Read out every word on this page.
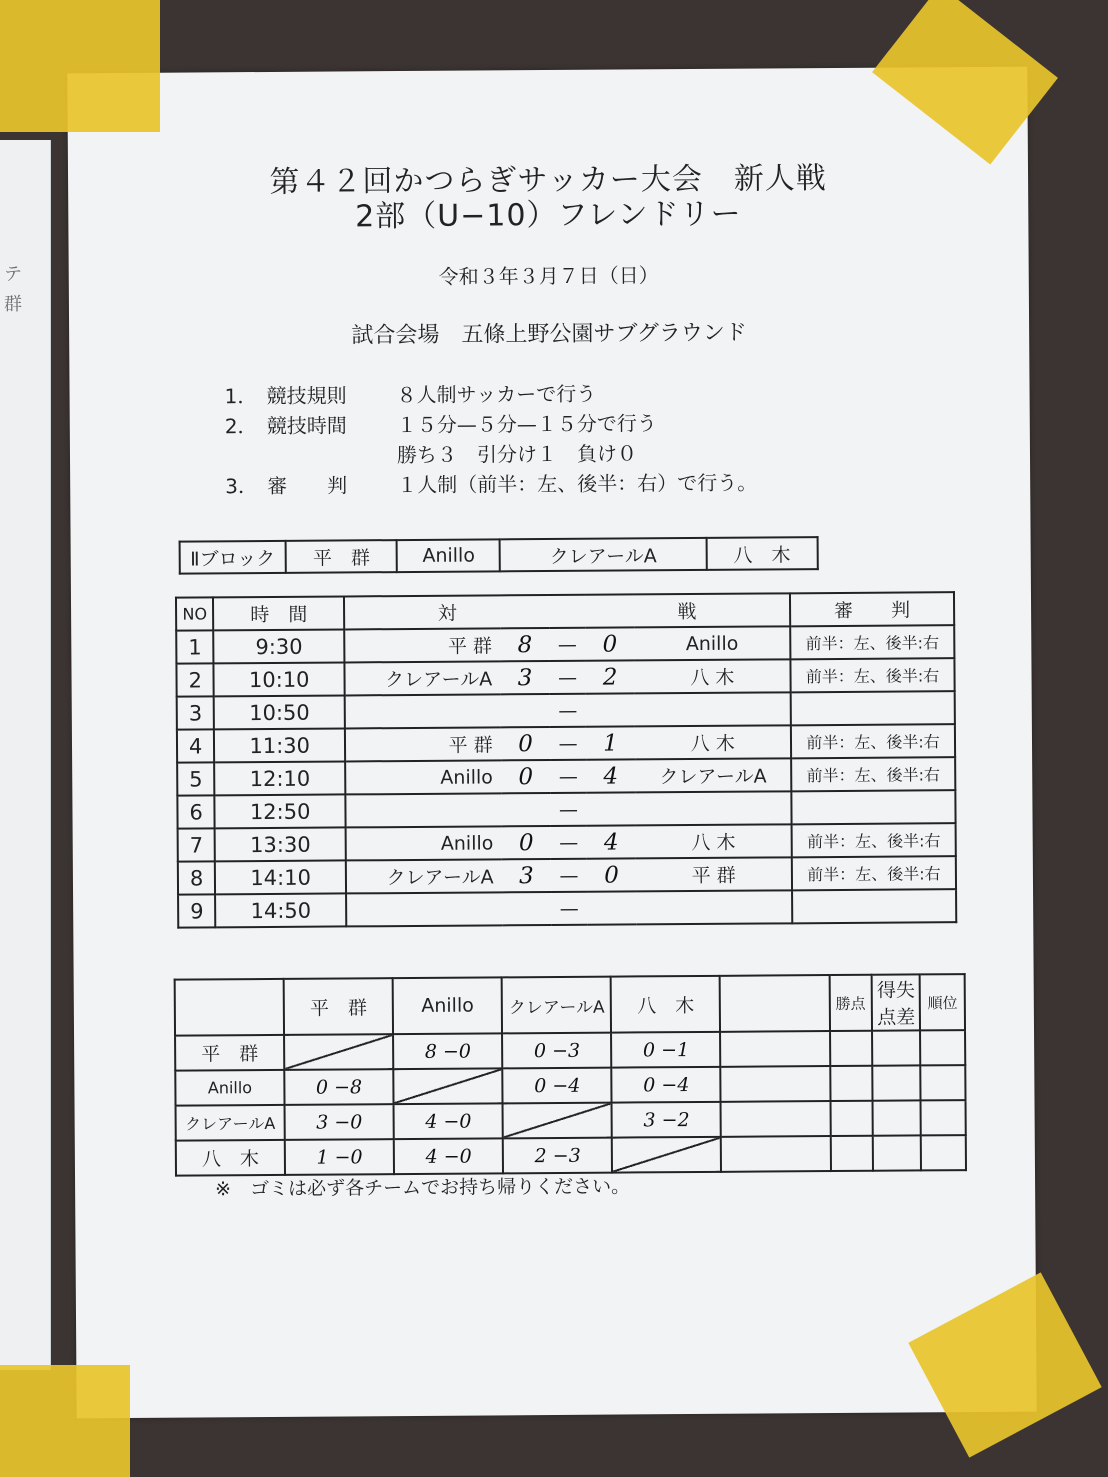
テ
群
第４２回かつらぎサッカー大会　新人戦
2部（U−10）フレンドリー
令和３年３月７日（日）
試合会場　五條上野公園サブグラウンド
1． 競技規則 ８人制サッカーで行う
2． 競技時間 １５分—５分—１５分で行う
勝ち３　引分け１　負け０
3． 審　　判 １人制（前半：左、後半：右）で行う。
Ⅱブロック	平　群	Anillo	クレアールA	八　木
NO	時　間	対			戦		審　　判
1	9:30	平 群	8	—	0	Anillo	前半：左、後半:右
2	10:10	クレアールA	3	—	2	八 木	前半：左、後半:右
3	10:50			—			
4	11:30	平 群	0	—	1	八 木	前半：左、後半:右
5	12:10	Anillo	0	—	4	クレアールA	前半：左、後半:右
6	12:50			—			
7	13:30	Anillo	0	—	4	八 木	前半：左、後半:右
8	14:10	クレアールA	3	—	0	平 群	前半：左、後半:右
9	14:50			—			
	平　群	Anillo	クレアールA	八　木		勝点	得失点差	順位
平　群		8 −0	0 −3	0 −1				
Anillo	0 −8		0 −4	0 −4				
クレアールA	3 −0	4 −0		3 −2				
八　木	1 −0	4 −0	2 −3					
※　ゴミは必ず各チームでお持ち帰りください。
